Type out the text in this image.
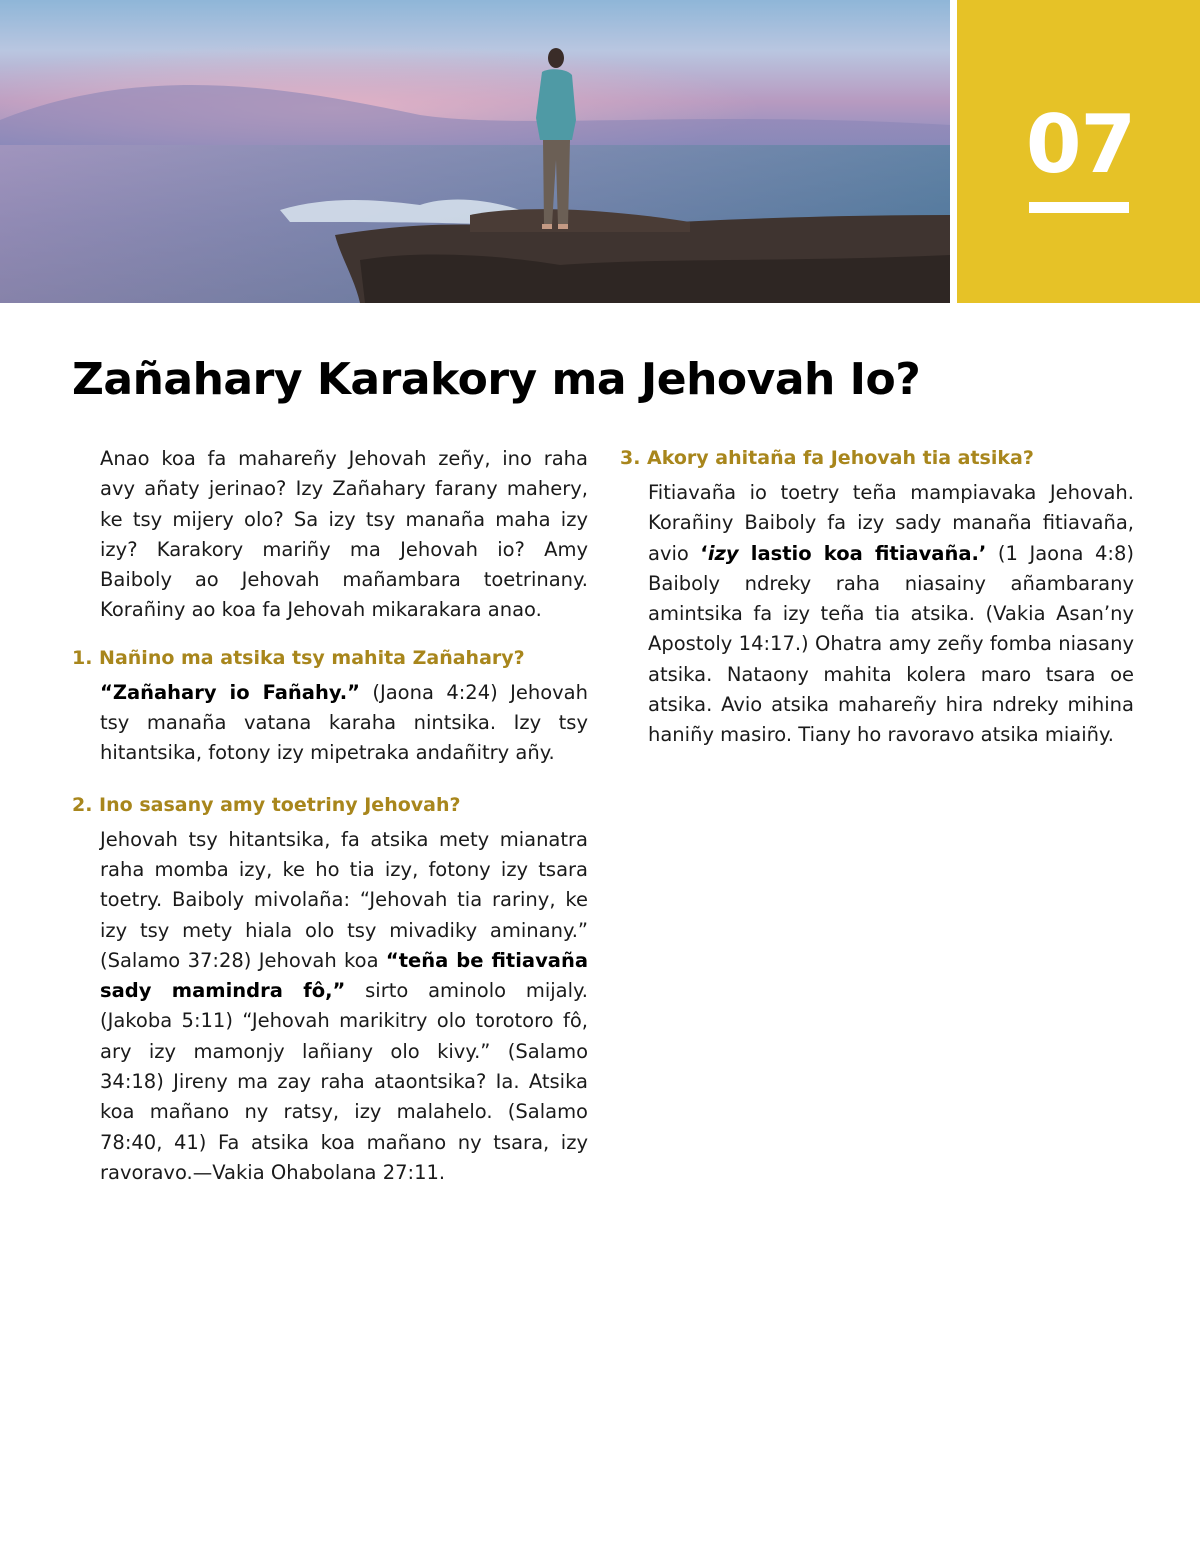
07
Zañahary Karakory ma Jehovah Io?

Anao koa fa mahareñy Jehovah zeñy, ino raha avy añaty jerinao? Izy Zañahary farany mahery, ke tsy mijery olo? Sa izy tsy manaña maha izy izy? Karakory mariñy ma Jehovah io? Amy Baiboly ao Jehovah mañambara toetrinany. Korañiny ao koa fa Jehovah mikarakara anao.

1. Nañino ma atsika tsy mahita Zañahary?

“Zañahary io Fañahy.” (Jaona 4:24) Jehovah tsy manaña vatana karaha nintsika. Izy tsy hitantsika, fotony izy mipetraka andañitry añy.

2. Ino sasany amy toetriny Jehovah?

Jehovah tsy hitantsika, fa atsika mety mianatra raha momba izy, ke ho tia izy, fotony izy tsara toetry. Baiboly mivolaña: “Jehovah tia rariny, ke izy tsy mety hiala olo tsy mivadiky aminany.” (Salamo 37:28) Jehovah koa “teña be fitiavaña sady mamindra fô,” sirto aminolo mijaly. (Jakoba 5:11) “Jehovah marikitry olo torotoro fô, ary izy mamonjy lañiany olo kivy.” (Salamo 34:18) Jireny ma zay raha ataontsika? Ia. Atsika koa mañano ny ratsy, izy malahelo. (Salamo 78:40, 41) Fa atsika koa mañano ny tsara, izy ravoravo.—Vakia Ohabolana 27:11.

3. Akory ahitaña fa Jehovah tia atsika?

Fitiavaña io toetry teña mampiavaka Jehovah. Korañiny Baiboly fa izy sady manaña fitiavaña, avio ‘izy lastio koa fitiavaña.’ (1 Jaona 4:8) Baiboly ndreky raha niasainy añambarany amintsika fa izy teña tia atsika. (Vakia Asan’ny Apostoly 14:17.) Ohatra amy zeñy fomba niasany atsika. Nataony mahita kolera maro tsara oe atsika. Avio atsika mahareñy hira ndreky mihina haniñy masiro. Tiany ho ravoravo atsika miaiñy.
